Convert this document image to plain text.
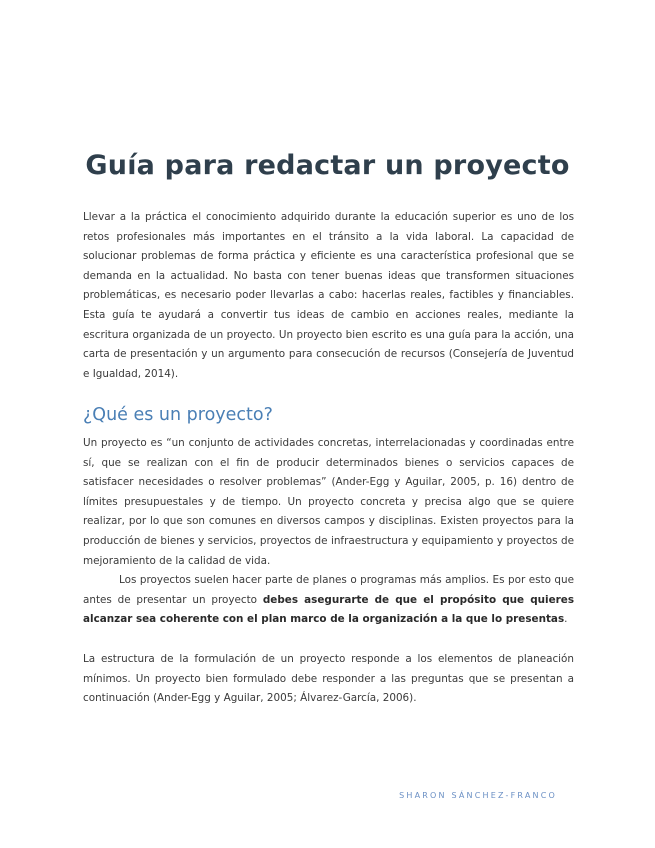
Guía para redactar un proyecto

Llevar a la práctica el conocimiento adquirido durante la educación superior es uno de los retos profesionales más importantes en el tránsito a la vida laboral. La capacidad de solucionar problemas de forma práctica y eficiente es una característica profesional que se demanda en la actualidad. No basta con tener buenas ideas que transformen situaciones problemáticas, es necesario poder llevarlas a cabo: hacerlas reales, factibles y financiables. Esta guía te ayudará a convertir tus ideas de cambio en acciones reales, mediante la escritura organizada de un proyecto. Un proyecto bien escrito es una guía para la acción, una carta de presentación y un argumento para consecución de recursos (Consejería de Juventud e Igualdad, 2014).

¿Qué es un proyecto?

Un proyecto es “un conjunto de actividades concretas, interrelacionadas y coordinadas entre sí, que se realizan con el fin de producir determinados bienes o servicios capaces de satisfacer necesidades o resolver problemas” (Ander-Egg y Aguilar, 2005, p. 16) dentro de límites presupuestales y de tiempo. Un proyecto concreta y precisa algo que se quiere realizar, por lo que son comunes en diversos campos y disciplinas. Existen proyectos para la producción de bienes y servicios, proyectos de infraestructura y equipamiento y proyectos de mejoramiento de la calidad de vida.

Los proyectos suelen hacer parte de planes o programas más amplios. Es por esto que antes de presentar un proyecto debes asegurarte de que el propósito que quieres alcanzar sea coherente con el plan marco de la organización a la que lo presentas.

La estructura de la formulación de un proyecto responde a los elementos de planeación mínimos. Un proyecto bien formulado debe responder a las preguntas que se presentan a continuación (Ander-Egg y Aguilar, 2005; Álvarez-García, 2006).

SHARON SÁNCHEZ-FRANCO
